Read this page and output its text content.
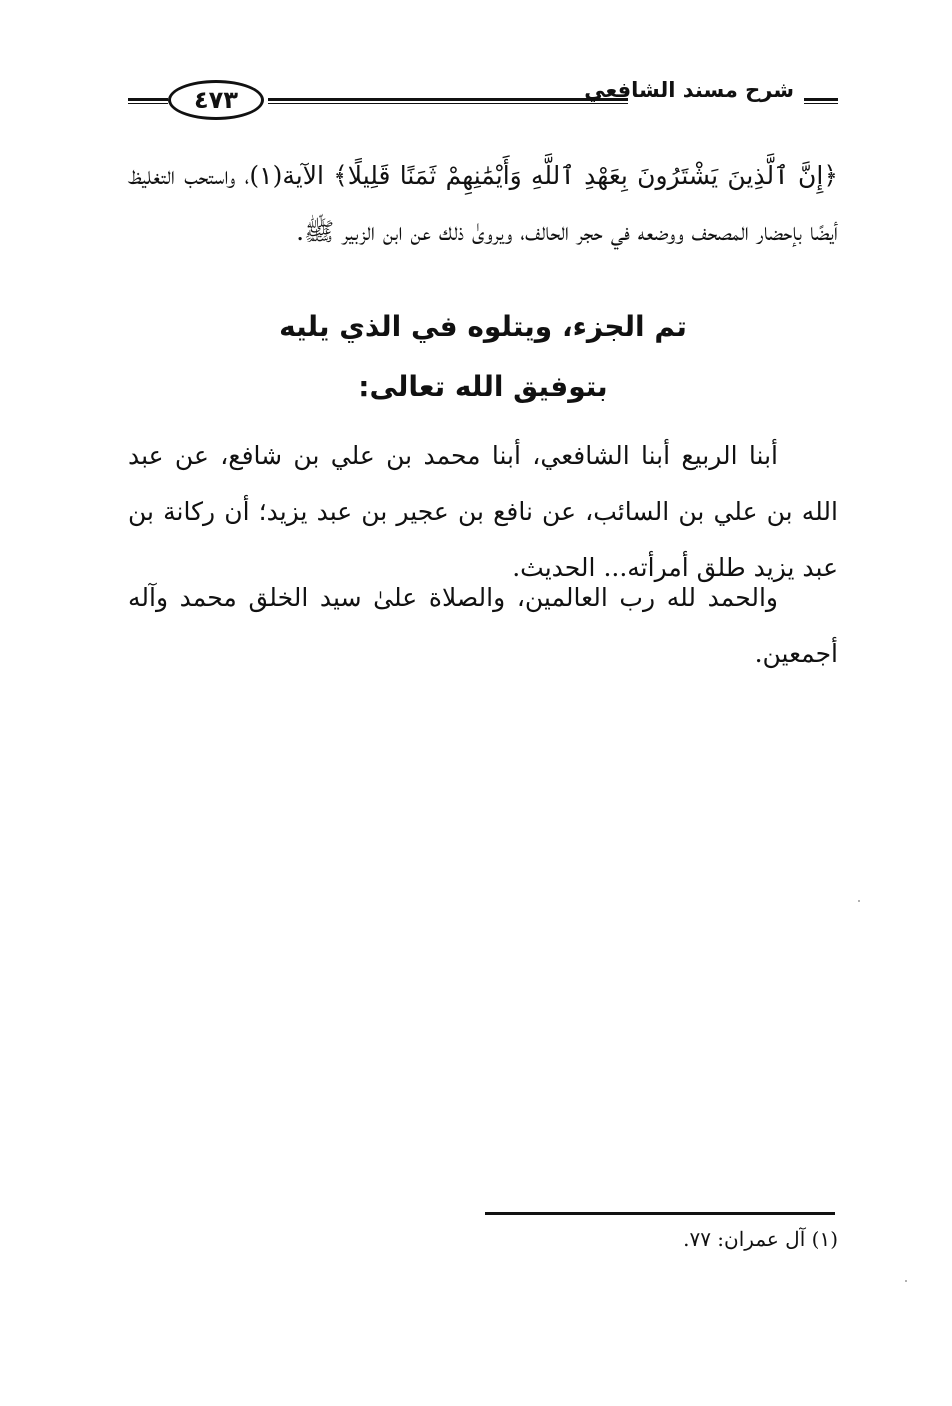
شرح مسند الشافعي
٤٧٣
﴿إِنَّ ٱلَّذِينَ يَشْتَرُونَ بِعَهْدِ ٱللَّهِ وَأَيْمَٰنِهِمْ ثَمَنًا قَلِيلًا﴾ الآية(١)، واستحب التغليظ أيضًا بإحضار المصحف ووضعه في حجر الحالف، ويروىٰ ذلك عن ابن الزبير ﷺ.
تم الجزء، ويتلوه في الذي يليه
بتوفيق الله تعالى:
أبنا الربيع أبنا الشافعي، أبنا محمد بن علي بن شافع، عن عبد الله بن علي بن السائب، عن نافع بن عجير بن عبد يزيد؛ أن ركانة بن عبد يزيد طلق أمرأته... الحديث.
والحمد لله رب العالمين، والصلاة علىٰ سيد الخلق محمد وآله أجمعين.
(١) آل عمران: ٧٧.
